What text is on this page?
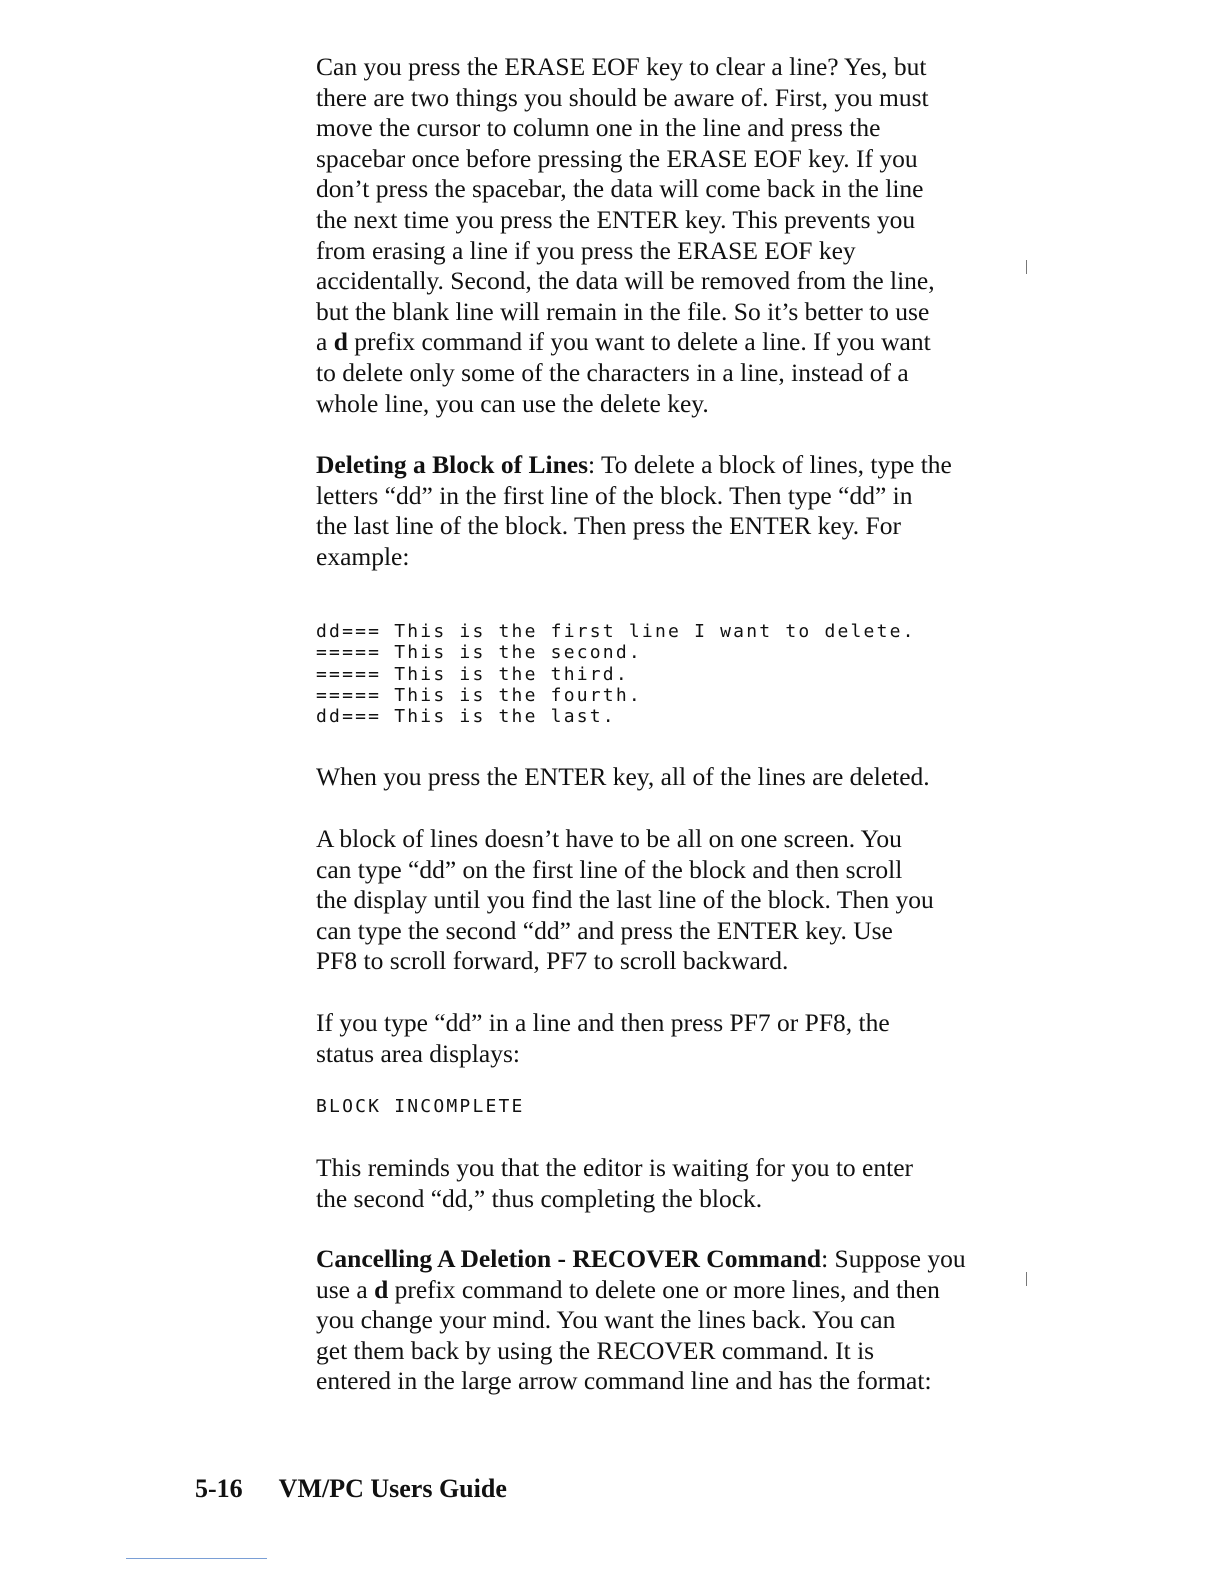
Can you press the ERASE EOF key to clear a line? Yes, but
there are two things you should be aware of. First, you must
move the cursor to column one in the line and press the
spacebar once before pressing the ERASE EOF key. If you
don’t press the spacebar, the data will come back in the line
the next time you press the ENTER key. This prevents you
from erasing a line if you press the ERASE EOF key
accidentally. Second, the data will be removed from the line,
but the blank line will remain in the file. So it’s better to use
a d prefix command if you want to delete a line. If you want
to delete only some of the characters in a line, instead of a
whole line, you can use the delete key.

Deleting a Block of Lines: To delete a block of lines, type the
letters “dd” in the first line of the block. Then type “dd” in
the last line of the block. Then press the ENTER key. For
example:

dd=== This is the first line I want to delete.
===== This is the second.
===== This is the third.
===== This is the fourth.
dd=== This is the last.

When you press the ENTER key, all of the lines are deleted.

A block of lines doesn’t have to be all on one screen. You
can type “dd” on the first line of the block and then scroll
the display until you find the last line of the block. Then you
can type the second “dd” and press the ENTER key. Use
PF8 to scroll forward, PF7 to scroll backward.

If you type “dd” in a line and then press PF7 or PF8, the
status area displays:

BLOCK INCOMPLETE

This reminds you that the editor is waiting for you to enter
the second “dd,” thus completing the block.

Cancelling A Deletion - RECOVER Command: Suppose you
use a d prefix command to delete one or more lines, and then
you change your mind. You want the lines back. You can
get them back by using the RECOVER command. It is
entered in the large arrow command line and has the format:

5-16 VM/PC Users Guide
